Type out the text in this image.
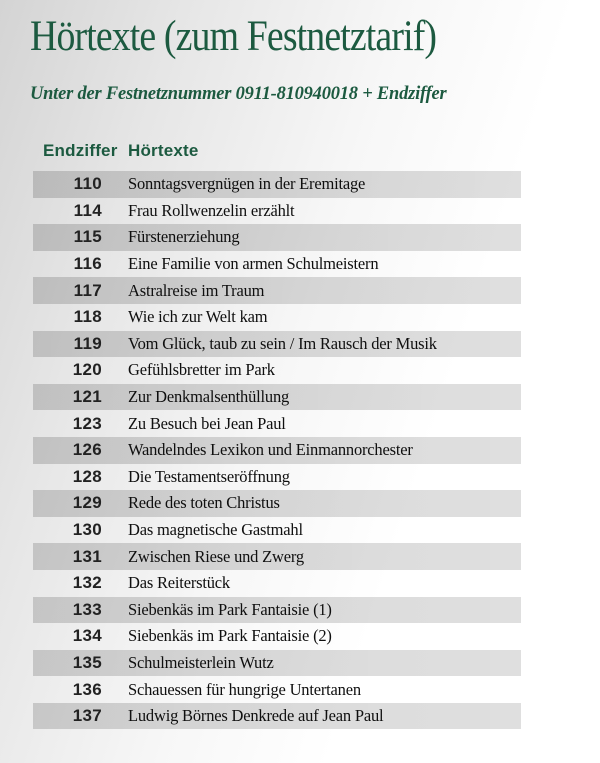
Hörtexte (zum Festnetztarif)

Unter der Festnetznummer 0911-810940018 + Endziffer

Endziffer Hörtexte
110	Sonntagsvergnügen in der Eremitage
114	Frau Rollwenzelin erzählt
115	Fürstenerziehung
116	Eine Familie von armen Schulmeistern
117	Astralreise im Traum
118	Wie ich zur Welt kam
119	Vom Glück, taub zu sein / Im Rausch der Musik
120	Gefühlsbretter im Park
121	Zur Denkmalsenthüllung
123	Zu Besuch bei Jean Paul
126	Wandelndes Lexikon und Einmannorchester
128	Die Testamentseröffnung
129	Rede des toten Christus
130	Das magnetische Gastmahl
131	Zwischen Riese und Zwerg
132	Das Reiterstück
133	Siebenkäs im Park Fantaisie (1)
134	Siebenkäs im Park Fantaisie (2)
135	Schulmeisterlein Wutz
136	Schauessen für hungrige Untertanen
137	Ludwig Börnes Denkrede auf Jean Paul
